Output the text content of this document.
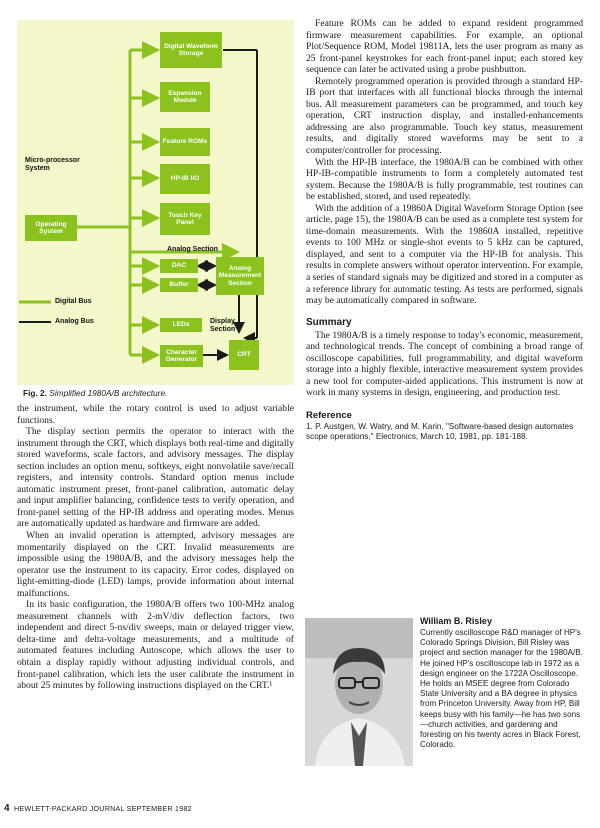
Digital Waveform Storage
Expansion Module
Feature ROMs
HP-IB I/O
Touch Key Panel
Operating System
DAC
Buffer
Analog Measurement Section
LEDs
Character Generator
CRT
Micro-processor System
Analog Section
Display Section
Digital Bus
Analog Bus
Fig. 2. Simplified 1980A/B architecture.

the instrument, while the rotary control is used to adjust variable functions.

The display section permits the operator to interact with the instrument through the CRT, which displays both real-time and digitally stored waveforms, scale factors, and advisory messages. The display section includes an option menu, softkeys, eight nonvolatile save/recall registers, and intensity controls. Standard option menus include automatic instrument preset, front-panel calibration, automatic delay and input amplifier balancing, confidence tests to verify operation, and front-panel setting of the HP-IB address and operating modes. Menus are automatically updated as hardware and firmware are added.

When an invalid operation is attempted, advisory messages are momentarily displayed on the CRT. Invalid measurements are impossible using the 1980A/B, and the advisory messages help the operator use the instrument to its capacity. Error codes, displayed on light-emitting-diode (LED) lamps, provide information about internal malfunctions.

In its basic configuration, the 1980A/B offers two 100-MHz analog measurement channels with 2-mV/div deflection factors, two independent and direct 5-ns/div sweeps, main or delayed trigger view, delta-time and delta-voltage measurements, and a multitude of automated features including Autoscope, which allows the user to obtain a display rapidly without adjusting individual controls, and front-panel calibration, which lets the user calibrate the instrument in about 25 minutes by following instructions displayed on the CRT.¹

Feature ROMs can be added to expand resident programmed firmware measurement capabilities. For example, an optional Plot/Sequence ROM, Model 19811A, lets the user program as many as 25 front-panel keystrokes for each front-panel input; each stored key sequence can later be activated using a probe pushbutton.

Remotely programmed operation is provided through a standard HP-IB port that interfaces with all functional blocks through the internal bus. All measurement parameters can be programmed, and touch key operation, CRT instruction display, and installed-enhancements addressing are also programmable. Touch key status, measurement results, and digitally stored waveforms may be sent to a computer/controller for processing.

With the HP-IB interface, the 1980A/B can be combined with other HP-IB-compatible instruments to form a completely automated test system. Because the 1980A/B is fully programmable, test routines can be established, stored, and used repeatedly.

With the addition of a 19860A Digital Waveform Storage Option (see article, page 15), the 1980A/B can be used as a complete test system for time-domain measurements. With the 19860A installed, repetitive events to 100 MHz or single-shot events to 5 kHz can be captured, displayed, and sent to a computer via the HP-IB for analysis. This results in complete answers without operator intervention. For example, a series of standard signals may be digitized and stored in a computer as a reference library for automatic testing. As tests are performed, signals may be automatically compared in software.

Summary

The 1980A/B is a timely response to today's economic, measurement, and technological trends. The concept of combining a broad range of oscilloscope capabilities, full programmability, and digital waveform storage into a highly flexible, interactive measurement system provides a new tool for computer-aided applications. This instrument is now at work in many systems in design, engineering, and production test.

Reference

1. P. Austgen, W. Watry, and M. Karin, "Software-based design automates scope operations," Electronics, March 10, 1981, pp. 181-188.

William B. Risley
Currently oscilloscope R&D manager of HP's Colorado Springs Division, Bill Risley was project and section manager for the 1980A/B. He joined HP's oscilloscope lab in 1972 as a design engineer on the 1722A Oscilloscope. He holds an MSEE degree from Colorado State University and a BA degree in physics from Princeton University. Away from HP, Bill keeps busy with his family—he has two sons—church activities, and gardening and foresting on his twenty acres in Black Forest, Colorado.
4 HEWLETT-PACKARD JOURNAL SEPTEMBER 1982
